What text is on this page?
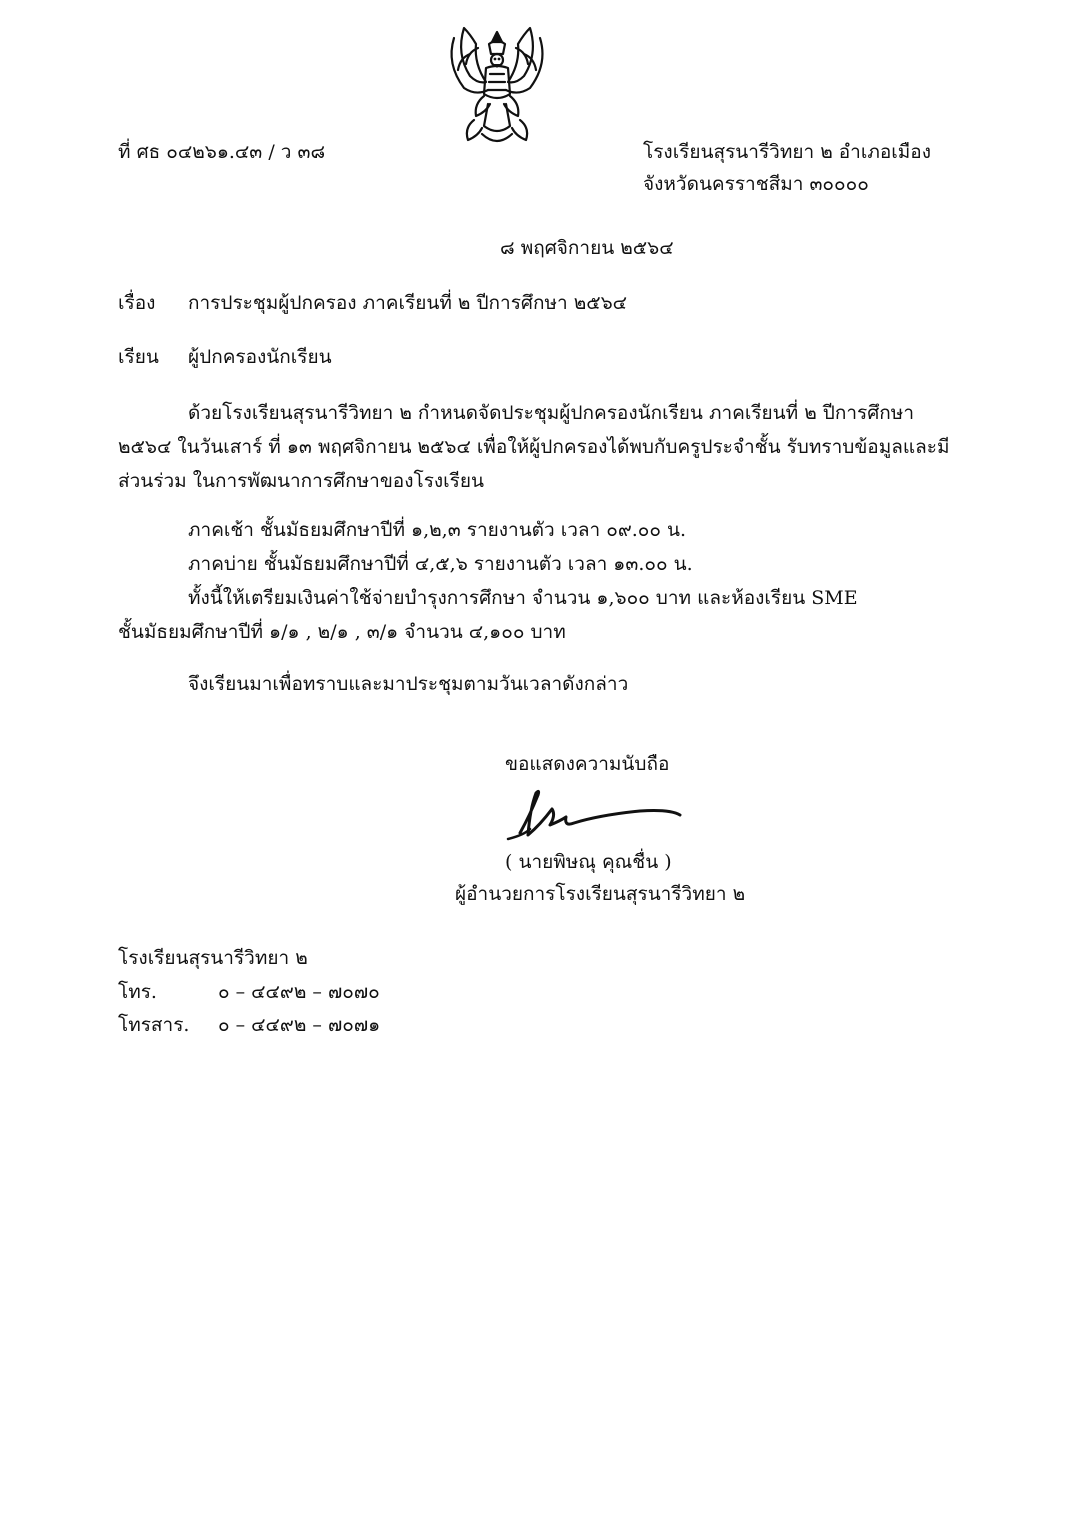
ที่ ศธ ๐๔๒๖๑.๔๓ / ว ๓๘	โรงเรียนสุรนารีวิทยา ๒ อำเภอเมือง
จังหวัดนครราชสีมา ๓๐๐๐๐
๘ พฤศจิกายน ๒๕๖๔
เรื่อง การประชุมผู้ปกครอง ภาคเรียนที่ ๒ ปีการศึกษา ๒๕๖๔
เรียน ผู้ปกครองนักเรียน
ด้วยโรงเรียนสุรนารีวิทยา ๒ กำหนดจัดประชุมผู้ปกครองนักเรียน ภาคเรียนที่ ๒ ปีการศึกษา ๒๕๖๔ ในวันเสาร์ ที่ ๑๓ พฤศจิกายน ๒๕๖๔ เพื่อให้ผู้ปกครองได้พบกับครูประจำชั้น รับทราบข้อมูลและมีส่วนร่วม ในการพัฒนาการศึกษาของโรงเรียน
ภาคเช้า ชั้นมัธยมศึกษาปีที่ ๑,๒,๓ รายงานตัว เวลา ๐๙.๐๐ น.
ภาคบ่าย ชั้นมัธยมศึกษาปีที่ ๔,๕,๖ รายงานตัว เวลา ๑๓.๐๐ น.
ทั้งนี้ให้เตรียมเงินค่าใช้จ่ายบำรุงการศึกษา จำนวน ๑,๖๐๐ บาท และห้องเรียน SME
ชั้นมัธยมศึกษาปีที่ ๑/๑ , ๒/๑ , ๓/๑ จำนวน ๔,๑๐๐ บาท
จึงเรียนมาเพื่อทราบและมาประชุมตามวันเวลาดังกล่าว
ขอแสดงความนับถือ
( นายพิษณุ คุณชื่น )
ผู้อำนวยการโรงเรียนสุรนารีวิทยา ๒
โรงเรียนสุรนารีวิทยา ๒
โทร.	๐ – ๔๔๙๒ – ๗๐๗๐
โทรสาร. ๐ – ๔๔๙๒ – ๗๐๗๑
